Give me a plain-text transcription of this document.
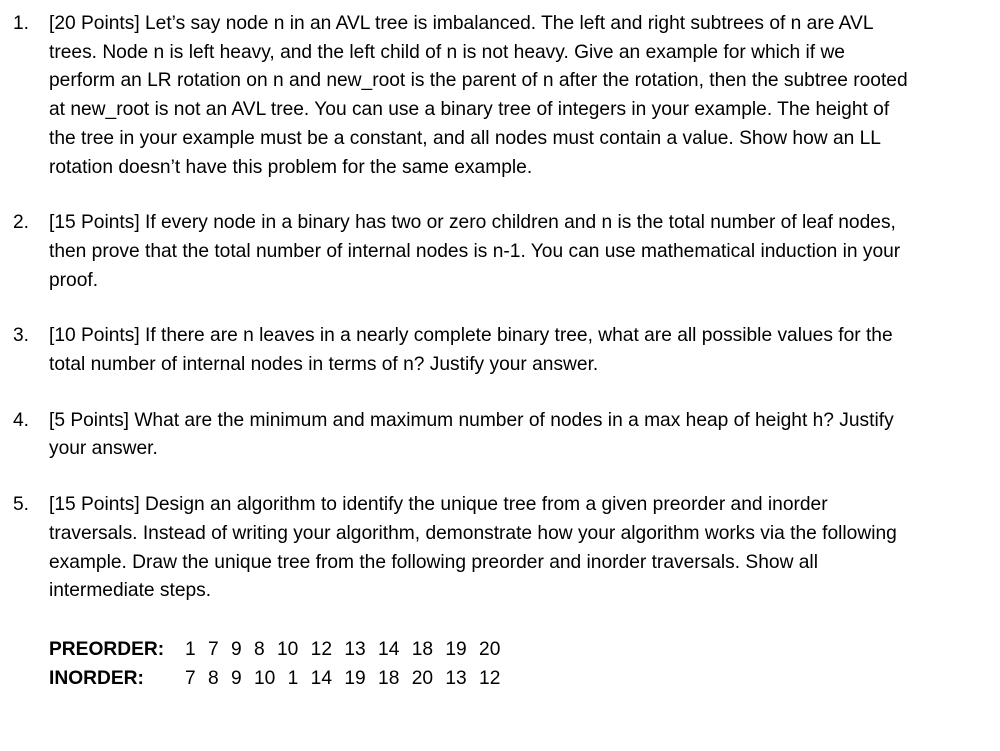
1. [20 Points] Let’s say node n in an AVL tree is imbalanced. The left and right subtrees of n are AVL trees. Node n is left heavy, and the left child of n is not heavy. Give an example for which if we perform an LR rotation on n and new_root is the parent of n after the rotation, then the subtree rooted at new_root is not an AVL tree. You can use a binary tree of integers in your example. The height of the tree in your example must be a constant, and all nodes must contain a value. Show how an LL rotation doesn’t have this problem for the same example.

2. [15 Points] If every node in a binary has two or zero children and n is the total number of leaf nodes, then prove that the total number of internal nodes is n-1. You can use mathematical induction in your proof.

3. [10 Points] If there are n leaves in a nearly complete binary tree, what are all possible values for the total number of internal nodes in terms of n? Justify your answer.

4. [5 Points] What are the minimum and maximum number of nodes in a max heap of height h? Justify your answer.

5. [15 Points] Design an algorithm to identify the unique tree from a given preorder and inorder traversals. Instead of writing your algorithm, demonstrate how your algorithm works via the following example. Draw the unique tree from the following preorder and inorder traversals. Show all intermediate steps.

PREORDER:	1 7 9 8 10 12 13 14 18 19 20
INORDER:	7 8 9 10 1 14 19 18 20 13 12
